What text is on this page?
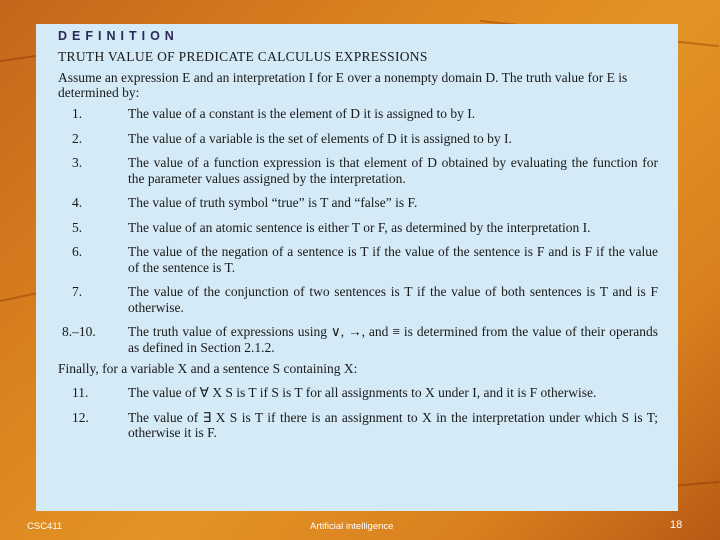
DEFINITION
TRUTH VALUE OF PREDICATE CALCULUS EXPRESSIONS
Assume an expression E and an interpretation I for E over a nonempty domain D. The truth value for E is determined by:
1.	The value of a constant is the element of D it is assigned to by I.
2.	The value of a variable is the set of elements of D it is assigned to by I.
3.	The value of a function expression is that element of D obtained by evaluating the function for the parameter values assigned by the interpretation.
4.	The value of truth symbol “true” is T and “false” is F.
5.	The value of an atomic sentence is either T or F, as determined by the interpretation I.
6.	The value of the negation of a sentence is T if the value of the sentence is F and is F if the value of the sentence is T.
7.	The value of the conjunction of two sentences is T if the value of both sentences is T and is F otherwise.
8.–10.	The truth value of expressions using ∨, →, and ≡ is determined from the value of their operands as defined in Section 2.1.2.
Finally, for a variable X and a sentence S containing X:
11.	The value of ∀ X S is T if S is T for all assignments to X under I, and it is F otherwise.
12.	The value of ∃ X S is T if there is an assignment to X in the interpretation under which S is T; otherwise it is F.
CSC411	Artificial intelligence	18
